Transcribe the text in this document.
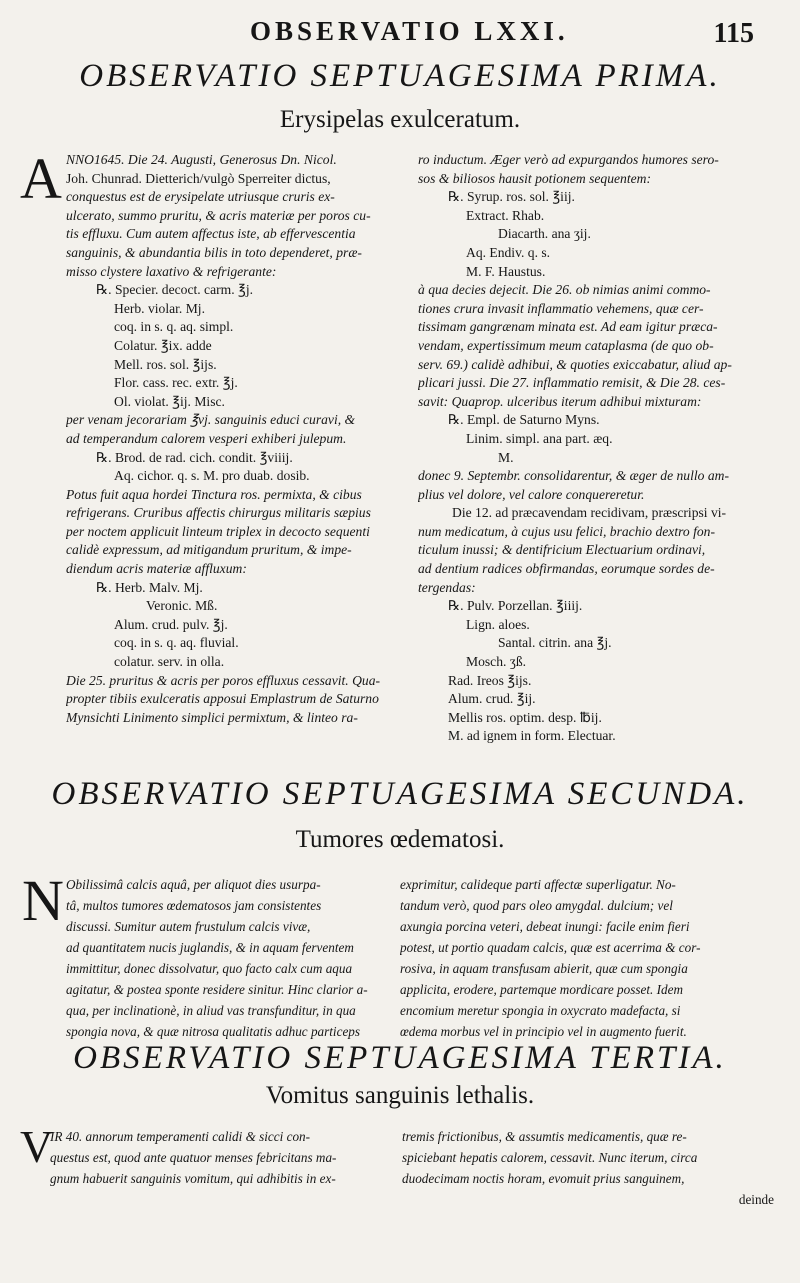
OBSERVATIO LXXI.	115
OBSERVATIO SEPTUAGESIMA PRIMA.
Erysipelas exulceratum.
A NNO1645. Die 24. Augusti, Generosus Dn. Nicol.
Joh. Chunrad. Dietterich/vulgò Sperreiter dictus,
conquestus est de erysipelate utriusque cruris ex-
ulcerato, summo pruritu, & acris materiæ per poros cu-
tis effluxu. Cum autem affectus iste, ab effervescentia
sanguinis, & abundantia bilis in toto dependeret, præ-
misso clystere laxativo & refrigerante:
℞. Specier. decoct. carm. ℥j.
Herb. violar. Mj.
coq. in s. q. aq. simpl.
Colatur. ℥ix. adde
Mell. ros. sol. ℥ijs.
Flor. cass. rec. extr. ℥j.
Ol. violat. ℥ij. Misc.
per venam jecorariam ℥vj. sanguinis educi curavi, &
ad temperandum calorem vesperi exhiberi julepum.
℞. Brod. de rad. cich. condit. ℥viiij.
Aq. cichor. q. s. M. pro duab. dosib.
Potus fuit aqua hordei Tinctura ros. permixta, & cibus
refrigerans. Cruribus affectis chirurgus militaris sæpius
per noctem applicuit linteum triplex in decocto sequenti
calidè expressum, ad mitigandum pruritum, & impe-
diendum acris materiæ affluxum:
℞. Herb. Malv. Mj.
Veronic. Mß.
Alum. crud. pulv. ℥j.
coq. in s. q. aq. fluvial.
colatur. serv. in olla.
Die 25. pruritus & acris per poros effluxus cessavit. Qua-
propter tibiis exulceratis apposui Emplastrum de Saturno
Mynsichti Linimento simplici permixtum, & linteo ra-
ro inductum. Æger verò ad expurgandos humores sero-
sos & biliosos hausit potionem sequentem:
℞. Syrup. ros. sol. ℥iij.
Extract. Rhab.
Diacarth. ana ʒij.
Aq. Endiv. q. s.
M. F. Haustus.
à qua decies dejecit. Die 26. ob nimias animi commo-
tiones crura invasit inflammatio vehemens, quæ cer-
tissimam gangrænam minata est. Ad eam igitur præca-
vendam, expertissimum meum cataplasma (de quo ob-
serv. 69.) calidè adhibui, & quoties exiccabatur, aliud ap-
plicari jussi. Die 27. inflammatio remisit, & Die 28. ces-
savit: Quaprop. ulceribus iterum adhibui mixturam:
℞. Empl. de Saturno Myns.
Linim. simpl. ana part. æq.
M.
donec 9. Septembr. consolidarentur, & æger de nullo am-
plius vel dolore, vel calore conquereretur.
Die 12. ad præcavendam recidivam, præscripsi vi-
num medicatum, à cujus usu felici, brachio dextro fon-
ticulum inussi; & dentifricium Electuarium ordinavi,
ad dentium radices obfirmandas, eorumque sordes de-
tergendas:
℞. Pulv. Porzellan. ℥iiij.
Lign. aloes.
Santal. citrin. ana ℥j.
Mosch. ʒß.
Rad. Ireos ℥ijs.
Alum. crud. ℥ij.
Mellis ros. optim. desp. ℔ij.
M. ad ignem in form. Electuar.
OBSERVATIO SEPTUAGESIMA SECUNDA.
Tumores œdematosi.
N Obilissimâ calcis aquâ, per aliquot dies usurpa-
tâ, multos tumores œdematosos jam consistentes
discussi. Sumitur autem frustulum calcis vivæ,
ad quantitatem nucis juglandis, & in aquam ferventem
immittitur, donec dissolvatur, quo facto calx cum aqua
agitatur, & postea sponte residere sinitur. Hinc clarior a-
qua, per inclinationè, in aliud vas transfunditur, in qua
spongia nova, & quæ nitrosa qualitatis adhuc particeps
exprimitur, calideque parti affectæ superligatur. No-
tandum verò, quod pars oleo amygdal. dulcium; vel
axungia porcina veteri, debeat inungi: facile enim fieri
potest, ut portio quadam calcis, quæ est acerrima & cor-
rosiva, in aquam transfusam abierit, quæ cum spongia
applicita, erodere, partemque mordicare posset. Idem
encomium meretur spongia in oxycrato madefacta, si
œdema morbus vel in principio vel in augmento fuerit.
OBSERVATIO SEPTUAGESIMA TERTIA.
Vomitus sanguinis lethalis.
V
IR 40. annorum temperamenti calidi & sicci con-
questus est, quod ante quatuor menses febricitans ma-
gnum habuerit sanguinis vomitum, qui adhibitis in ex-
tremis frictionibus, & assumtis medicamentis, quæ re-
spiciebant hepatis calorem, cessavit. Nunc iterum, circa
duodecimam noctis horam, evomuit prius sanguinem,
deinde
